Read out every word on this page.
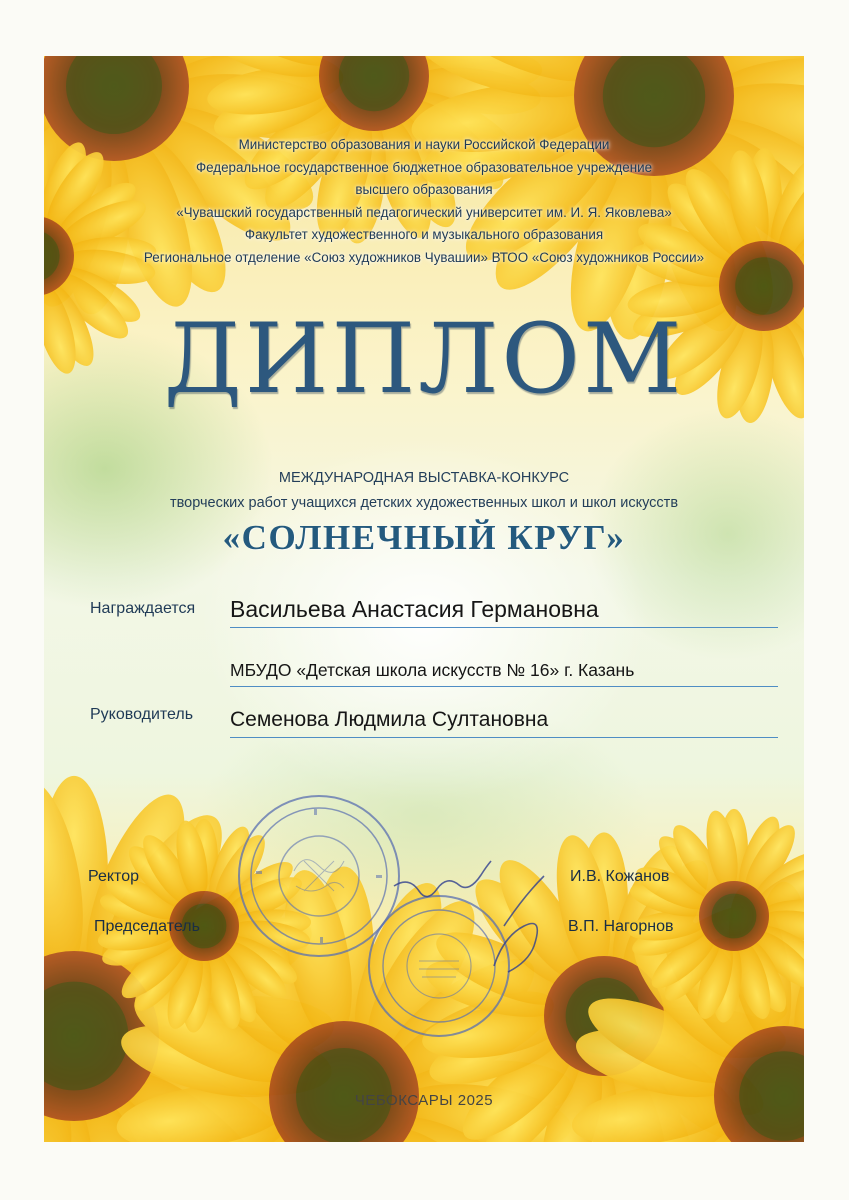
Министерство образования и науки Российской Федерации
Федеральное государственное бюджетное образовательное учреждение
высшего образования
«Чувашский государственный педагогический университет им. И. Я. Яковлева»
Факультет художественного и музыкального образования
Региональное отделение «Союз художников Чувашии» ВТОО «Союз художников России»
ДИПЛОМ
МЕЖДУНАРОДНАЯ ВЫСТАВКА-КОНКУРС
творческих работ учащихся детских художественных школ и школ искусств
«СОЛНЕЧНЫЙ КРУГ»
Награждается Васильева Анастасия Германовна
МБУДО «Детская школа искусств № 16» г. Казань
Руководитель Семенова Людмила Султановна
Ректор	И.В. Кожанов
Председатель	В.П. Нагорнов
ЧЕБОКСАРЫ 2025
